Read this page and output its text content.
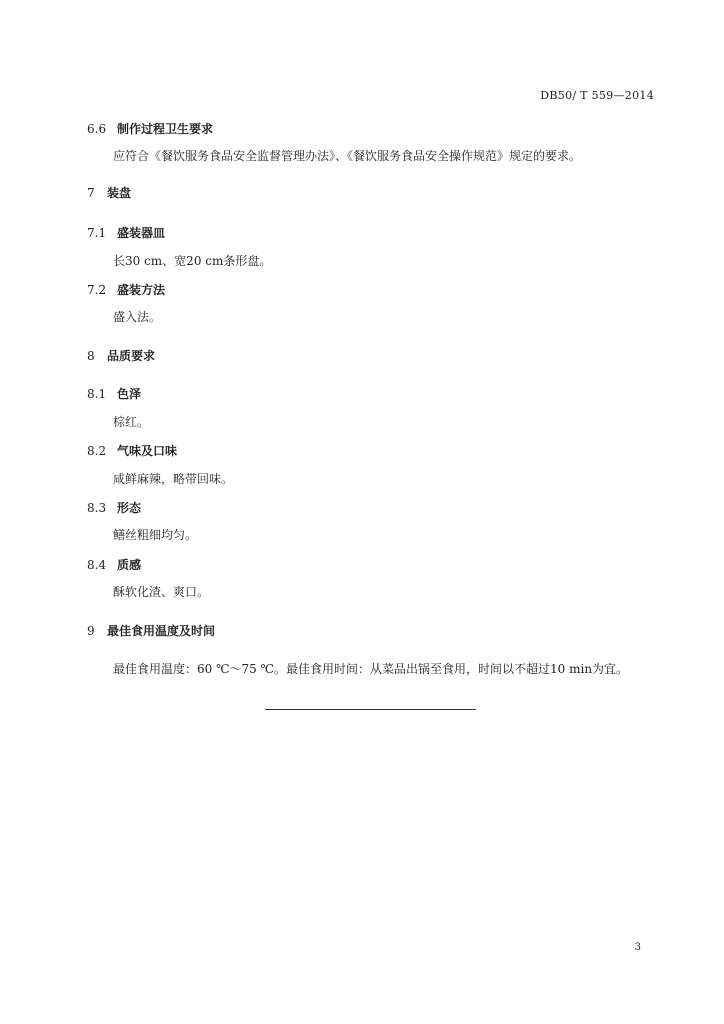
DB50/ T 559—2014
6.6 制作过程卫生要求
应符合《餐饮服务食品安全监督管理办法》、《餐饮服务食品安全操作规范》规定的要求。
7 装盘
7.1 盛装器皿
长30 cm、宽20 cm条形盘。
7.2 盛装方法
盛入法。
8 品质要求
8.1 色泽
棕红。
8.2 气味及口味
咸鲜麻辣，略带回味。
8.3 形态
鳝丝粗细均匀。
8.4 质感
酥软化渣、爽口。
9 最佳食用温度及时间
最佳食用温度：60 ℃～75 ℃。最佳食用时间：从菜品出锅至食用，时间以不超过10 min为宜。
3
